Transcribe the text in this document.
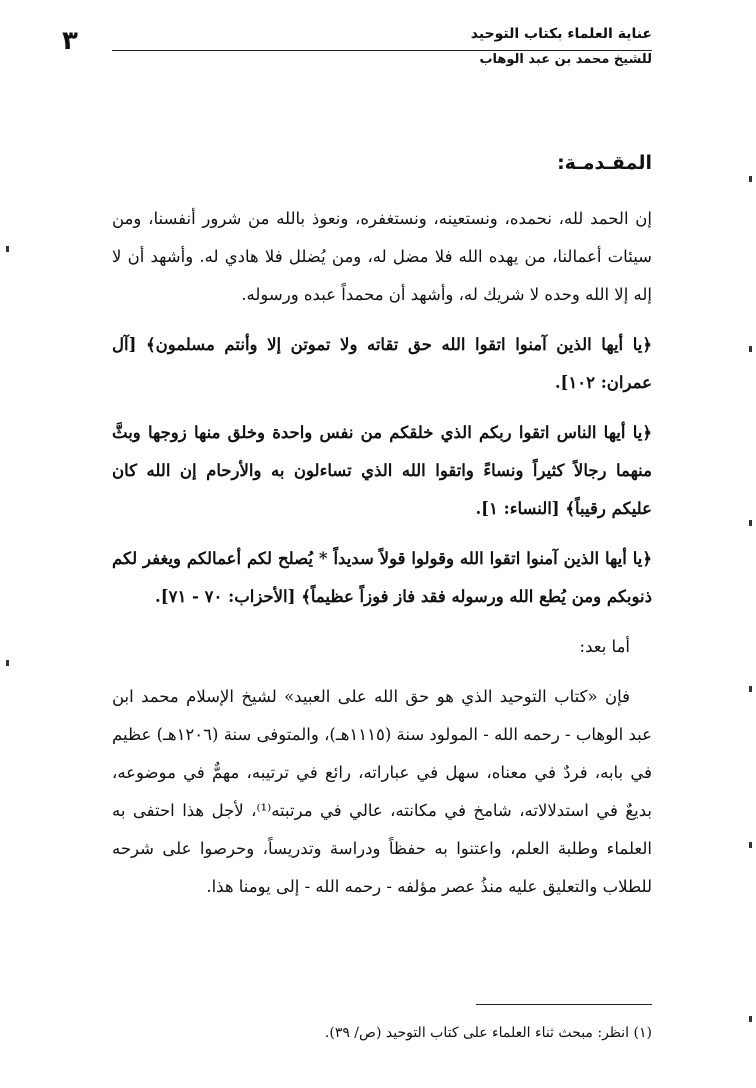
عناية العلماء بكتاب التوحيد
للشيخ محمد بن عبد الوهاب
٣
المقـدمـة:

إن الحمد لله، نحمده، ونستعينه، ونستغفره، ونعوذ بالله من شرور أنفسنا، ومن سيئات أعمالنا، من يهده الله فلا مضل له، ومن يُضلل فلا هادي له. وأشهد أن لا إله إلا الله وحده لا شريك له، وأشهد أن محمداً عبده ورسوله.

﴿يا أيها الذين آمنوا اتقوا الله حق تقاته ولا تموتن إلا وأنتم مسلمون﴾ [آل عمران: ١٠٢].

﴿يا أيها الناس اتقوا ربكم الذي خلقكم من نفس واحدة وخلق منها زوجها وبثَّ منهما رجالاً كثيراً ونساءً واتقوا الله الذي تساءلون به والأرحام إن الله كان عليكم رقيباً﴾ [النساء: ١].

﴿يا أيها الذين آمنوا اتقوا الله وقولوا قولاً سديداً * يُصلح لكم أعمالكم ويغفر لكم ذنوبكم ومن يُطع الله ورسوله فقد فاز فوزاً عظيماً﴾ [الأحزاب: ٧٠ - ٧١].

أما بعد:

فإن «كتاب التوحيد الذي هو حق الله على العبيد» لشيخ الإسلام محمد ابن عبد الوهاب - رحمه الله - المولود سنة (١١١٥هـ)، والمتوفى سنة (١٢٠٦هـ) عظيم في بابه، فردٌ في معناه، سهل في عباراته، رائع في ترتيبه، مهمٌّ في موضوعه، بديعٌ في استدلالاته، شامخ في مكانته، عالي في مرتبته⁽¹⁾، لأجل هذا احتفى به العلماء وطلبة العلم، واعتنوا به حفظاً ودراسة وتدريساً، وحرصوا على شرحه للطلاب والتعليق عليه منذُ عصر مؤلفه - رحمه الله - إلى يومنا هذا.

(١) انظر: مبحث ثناء العلماء على كتاب التوحيد (ص/ ٣٩).
